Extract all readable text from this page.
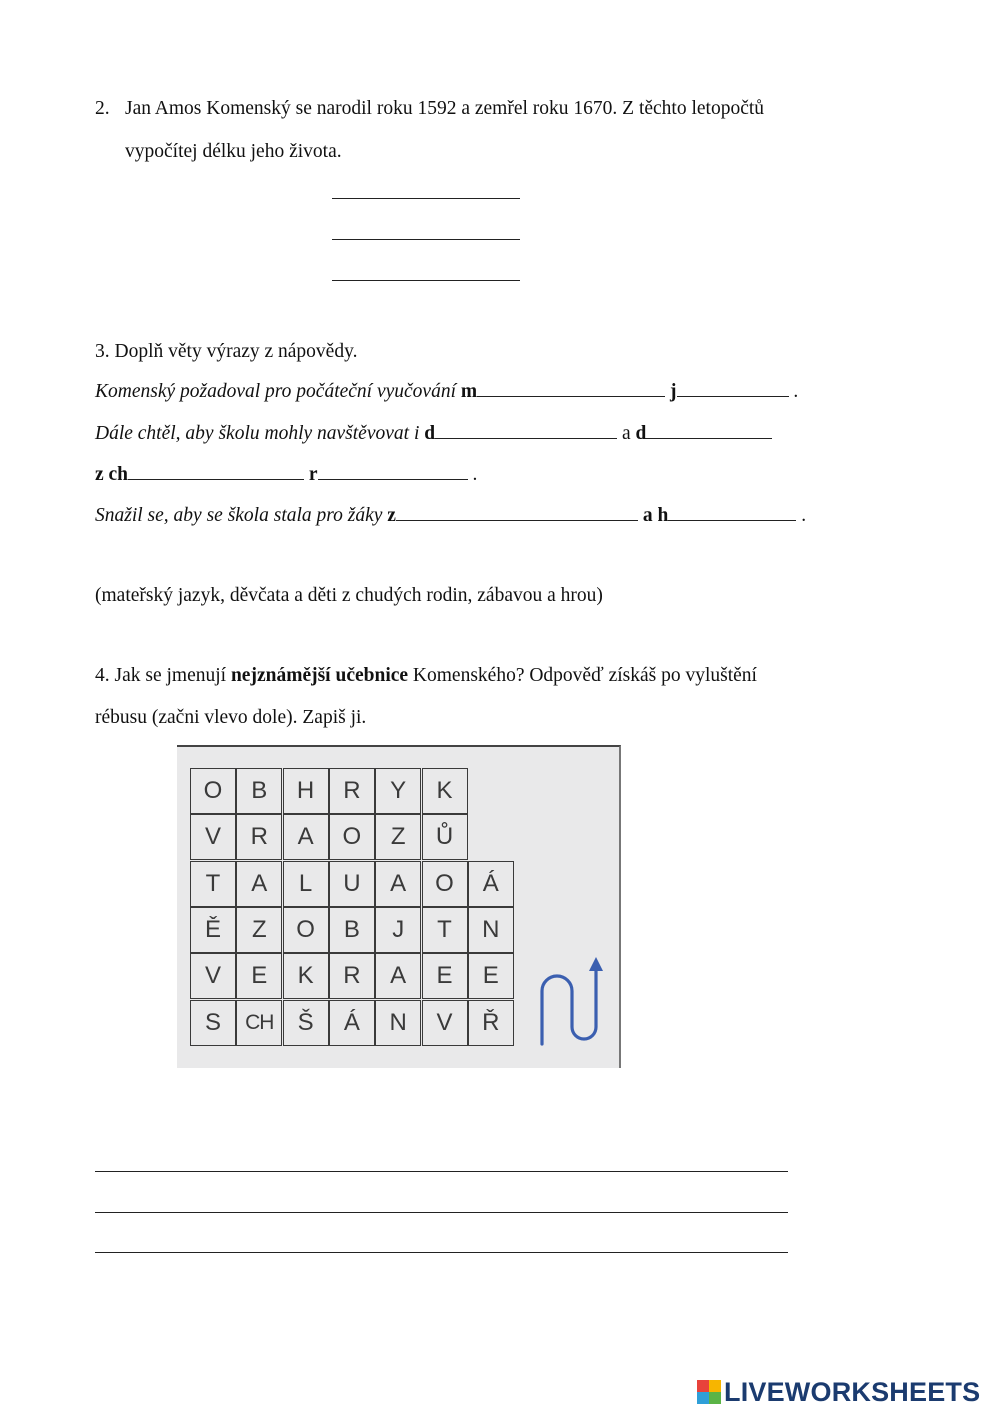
2. Jan Amos Komenský se narodil roku 1592 a zemřel roku 1670. Z těchto letopočtů
vypočítej délku jeho života.
3. Doplň věty výrazy z nápovědy.
Komenský požadoval pro počáteční vyučování m	j	.
Dále chtěl, aby školu mohly navštěvovat i d	a d
z ch	r	.
Snažil se, aby se škola stala pro žáky z	a h	.
(mateřský jazyk, děvčata a děti z chudých rodin, zábavou a hrou)
4. Jak se jmenují nejznámější učebnice Komenského? Odpověď získáš po vyluštění
rébusu (začni vlevo dole). Zapiš ji.
O	B	H	R	Y	K
V	R	A	O	Z	Ů
T	A	L	U	A	O	Á
Ě	Z	O	B	J	T	N
V	E	K	R	A	E	E
S	CH	Š	Á	N	V	Ř
LIVEWORKSHEETS
